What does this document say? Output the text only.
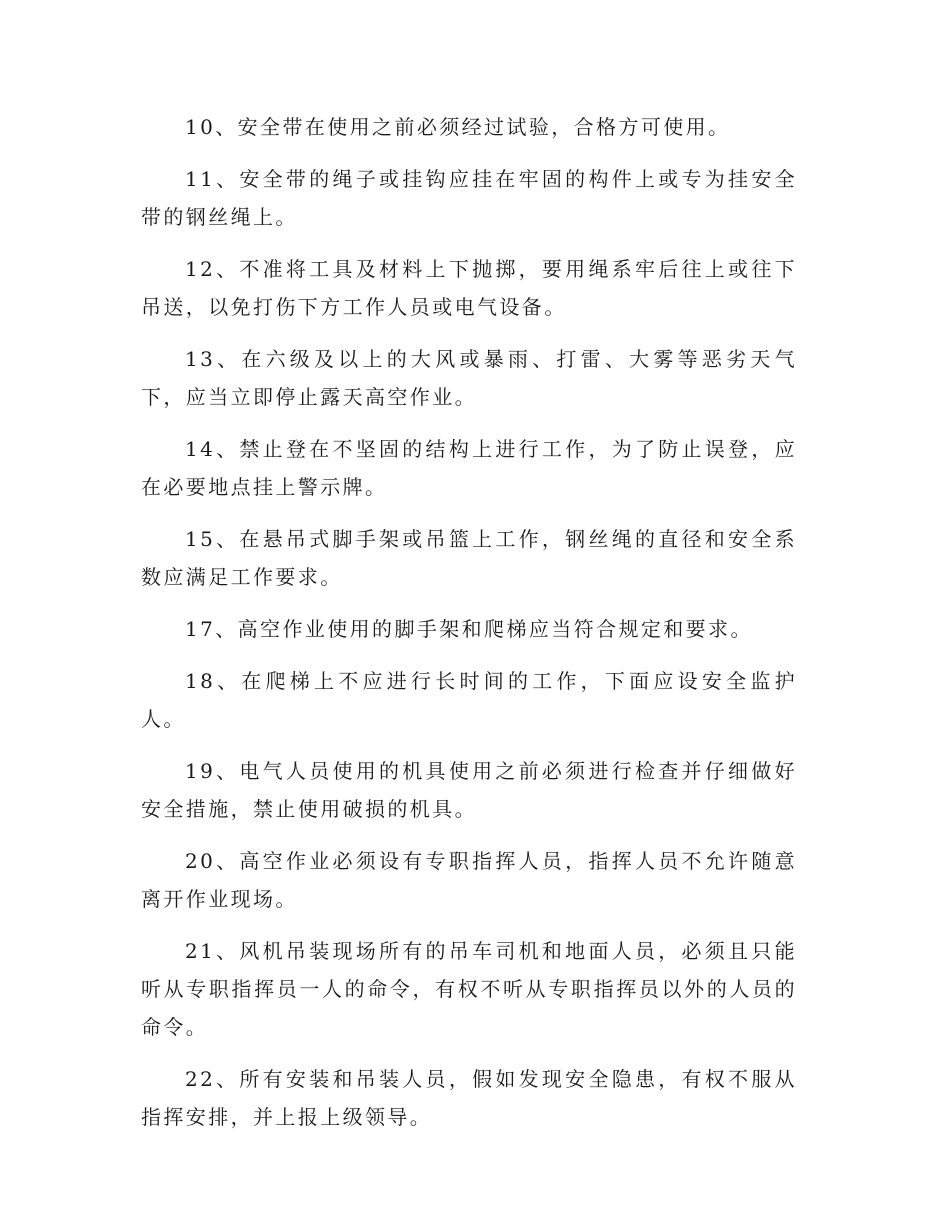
10、安全带在使用之前必须经过试验，合格方可使用。

11、安全带的绳子或挂钩应挂在牢固的构件上或专为挂安全带的钢丝绳上。

12、不准将工具及材料上下抛掷，要用绳系牢后往上或往下吊送，以免打伤下方工作人员或电气设备。

13、在六级及以上的大风或暴雨、打雷、大雾等恶劣天气下，应当立即停止露天高空作业。

14、禁止登在不坚固的结构上进行工作，为了防止误登，应在必要地点挂上警示牌。

15、在悬吊式脚手架或吊篮上工作，钢丝绳的直径和安全系数应满足工作要求。

17、高空作业使用的脚手架和爬梯应当符合规定和要求。

18、在爬梯上不应进行长时间的工作，下面应设安全监护人。

19、电气人员使用的机具使用之前必须进行检查并仔细做好安全措施，禁止使用破损的机具。

20、高空作业必须设有专职指挥人员，指挥人员不允许随意离开作业现场。

21、风机吊装现场所有的吊车司机和地面人员，必须且只能听从专职指挥员一人的命令，有权不听从专职指挥员以外的人员的命令。

22、所有安装和吊装人员，假如发现安全隐患，有权不服从指挥安排，并上报上级领导。
